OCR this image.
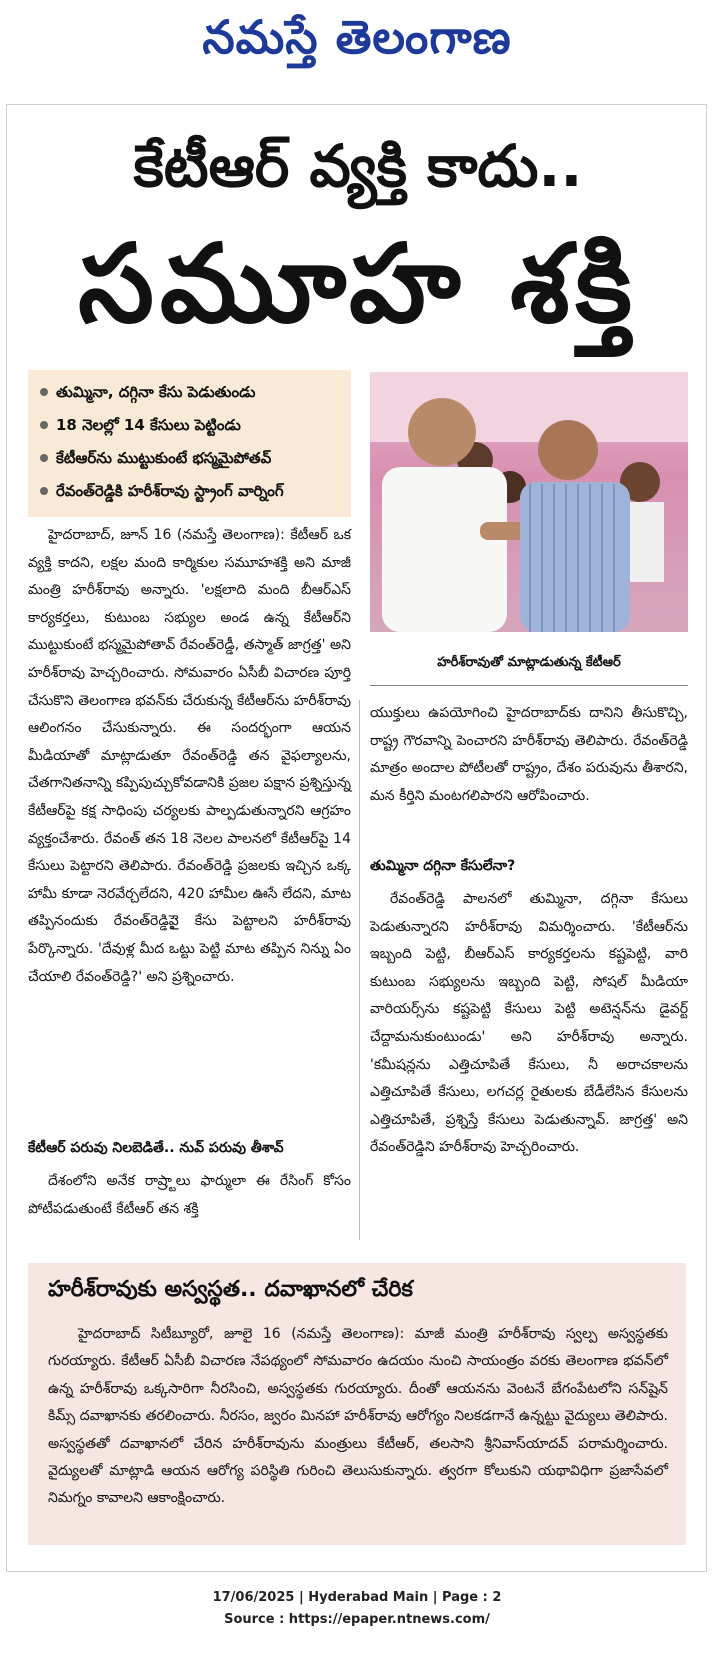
నమస్తే తెలంగాణ
కేటీఆర్ వ్యక్తి కాదు..
సమూహ శక్తి
తుమ్మినా, దగ్గినా కేసు పెడుతుండు
18 నెలల్లో 14 కేసులు పెట్టిండు
కేటీఆర్‌ను ముట్టుకుంటే భస్మమైపోతవ్
రేవంత్‌రెడ్డికి హరీశ్‌రావు స్ట్రాంగ్ వార్నింగ్
హరీశ్‌రావుతో మాట్లాడుతున్న కేటీఆర్

హైదరాబాద్, జూన్ 16 (నమస్తే తెలంగాణ): కేటీఆర్ ఒక వ్యక్తి కాదని, లక్షల మంది కార్మికుల సమూహశక్తి అని మాజీ మంత్రి హరీశ్‌రావు అన్నారు. 'లక్షలాది మంది బీఆర్‌ఎస్ కార్యకర్తలు, కుటుంబ సభ్యుల అండ ఉన్న కేటీఆర్‌ని ముట్టుకుంటే భస్మమైపోతావ్ రేవంత్‌రెడ్డీ, తస్మాత్ జాగ్రత్త' అని హరీశ్‌రావు హెచ్చరించారు. సోమవారం ఏసీబీ విచారణ పూర్తి చేసుకొని తెలంగాణ భవన్‌కు చేరుకున్న కేటీఆర్‌ను హరీశ్‌రావు ఆలింగనం చేసుకున్నారు. ఈ సందర్భంగా ఆయన మీడియాతో మాట్లాడుతూ రేవంత్‌రెడ్డి తన వైఫల్యాలను, చేతగానితనాన్ని కప్పిపుచ్చుకోవడానికి ప్రజల పక్షాన ప్రశ్నిస్తున్న కేటీఆర్‌పై కక్ష సాధింపు చర్యలకు పాల్పడుతున్నారని ఆగ్రహం వ్యక్తంచేశారు. రేవంత్ తన 18 నెలల పాలనలో కేటీఆర్‌పై 14 కేసులు పెట్టారని తెలిపారు. రేవంత్‌రెడ్డి ప్రజలకు ఇచ్చిన ఒక్క హామీ కూడా నెరవేర్చలేదని, 420 హామీల ఊసే లేదని, మాట తప్పినందుకు రేవంత్‌రెడ్డిపైై కేసు పెట్టాలని హరీశ్‌రావు పేర్కొన్నారు. 'దేవుళ్ల మీద ఒట్టు పెట్టి మాట తప్పిన నిన్ను ఏం చేయాలి రేవంత్‌రెడ్డి?' అని ప్రశ్నించారు.

కేటీఆర్ పరువు నిలబెడితే.. నువ్ పరువు తీశావ్

దేశంలోని అనేక రాష్ర్టాలు ఫార్ములా ఈ రేసింగ్ కోసం పోటీపడుతుంటే కేటీఆర్ తన శక్తి

యుక్తులు ఉపయోగించి హైదరాబాద్‌కు దానిని తీసుకొచ్చి, రాష్ట్ర గౌరవాన్ని పెంచారని హరీశ్‌రావు తెలిపారు. రేవంత్‌రెడ్డి మాత్రం అందాల పోటీలతో రాష్ట్రం, దేశం పరువును తీశారని, మన కీర్తిని మంటగలిపారని ఆరోపించారు.

తుమ్మినా దగ్గినా కేసులేనా?

రేవంత్‌రెడ్డి పాలనలో తుమ్మినా, దగ్గినా కేసులు పెడుతున్నారని హరీశ్‌రావు విమర్శించారు. 'కేటీఆర్‌ను ఇబ్బంది పెట్టి, బీఆర్‌ఎస్ కార్యకర్తలను కష్టపెట్టి, వారి కుటుంబ సభ్యులను ఇబ్బంది పెట్టి, సోషల్ మీడియా వారియర్స్‌ను కష్టపెట్టి కేసులు పెట్టి అటెన్షన్‌ను డైవర్ట్ చేద్దామనుకుంటుండు' అని హరీశ్‌రావు అన్నారు. 'కమీషన్లను ఎత్తిచూపితే కేసులు, నీ అరాచకాలను ఎత్తిచూపితే కేసులు, లగచర్ల రైతులకు బేడీలేసిన కేసులను ఎత్తిచూపితే, ప్రశ్నిస్తే కేసులు పెడుతున్నావ్. జాగ్రత్త' అని రేవంత్‌రెడ్డిని హరీశ్‌రావు హెచ్చరించారు.

హరీశ్‌రావుకు అస్వస్థత.. దవాఖానలో చేరిక

హైదరాబాద్ సిటీబ్యూరో, జూలై 16 (నమస్తే తెలంగాణ): మాజీ మంత్రి హరీశ్‌రావు స్వల్ప అస్వస్థతకు గురయ్యారు. కేటీఆర్ ఏసీబీ విచారణ నేపథ్యంలో సోమవారం ఉదయం నుంచి సాయంత్రం వరకు తెలంగాణ భవన్‌లో ఉన్న హరీశ్‌రావు ఒక్కసారిగా నీరసించి, అస్వస్థతకు గురయ్యారు. దీంతో ఆయనను వెంటనే బేగంపేటలోని సన్‌షైన్ కిమ్స్ దవాఖానకు తరలించారు. నీరసం, జ్వరం మినహా హరీశ్‌రావు ఆరోగ్యం నిలకడగానే ఉన్నట్టు వైద్యులు తెలిపారు. అస్వస్థతతో దవాఖానలో చేరిన హరీశ్‌రావును మంత్రులు కేటీఆర్, తలసాని శ్రీనివాస్‌యాదవ్ పరామర్శించారు. వైద్యులతో మాట్లాడి ఆయన ఆరోగ్య పరిస్థితి గురించి తెలుసుకున్నారు. త్వరగా కోలుకుని యథావిధిగా ప్రజాసేవలో నిమగ్నం కావాలని ఆకాంక్షించారు.

17/06/2025 | Hyderabad Main | Page : 2
Source : https://epaper.ntnews.com/
